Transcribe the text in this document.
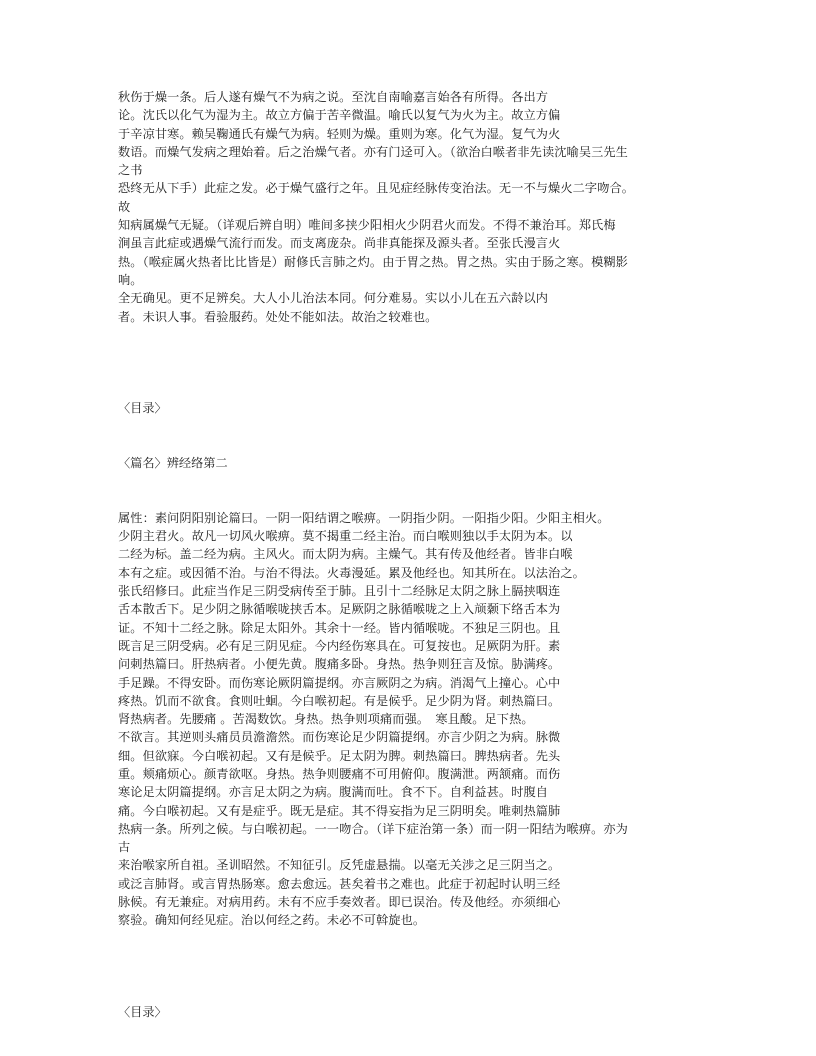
秋伤于燥一条。后人遂有燥气不为病之说。至沈自南喻嘉言始各有所得。各出方
论。沈氏以化气为湿为主。故立方偏于苦辛微温。喻氏以复气为火为主。故立方偏
于辛凉甘寒。赖吴鞠通氏有燥气为病。轻则为燥。重则为寒。化气为湿。复气为火
数语。而燥气发病之理始着。后之治燥气者。亦有门迳可入。（欲治白喉者非先读沈喻吴三先生
之书
恐终无从下手）此症之发。必于燥气盛行之年。且见症经脉传变治法。无一不与燥火二字吻合。
故
知病属燥气无疑。（详观后辨自明）唯间多挟少阳相火少阴君火而发。不得不兼治耳。郑氏梅
涧虽言此症或遇燥气流行而发。而支离庞杂。尚非真能探及源头者。至张氏漫言火
热。（喉症属火热者比比皆是）耐修氏言肺之灼。由于胃之热。胃之热。实由于肠之寒。模糊影
响。
全无确见。更不足辨矣。大人小儿治法本同。何分难易。实以小儿在五六龄以内
者。未识人事。看验服药。处处不能如法。故治之较难也。
〈目录〉
〈篇名〉辨经络第二
属性：素问阴阳别论篇曰。一阴一阳结谓之喉痹。一阴指少阴。一阳指少阳。少阳主相火。
少阴主君火。故凡一切风火喉痹。莫不揭重二经主治。而白喉则独以手太阴为本。以
二经为标。盖二经为病。主风火。而太阴为病。主燥气。其有传及他经者。皆非白喉
本有之症。或因循不治。与治不得法。火毒漫延。累及他经也。知其所在。以法治之。
张氏绍修曰。此症当作足三阴受病传至于肺。且引十二经脉足太阴之脉上膈挟咽连
舌本散舌下。足少阴之脉循喉咙挟舌本。足厥阴之脉循喉咙之上入颃颡下络舌本为
证。不知十二经之脉。除足太阳外。其余十一经。皆内循喉咙。不独足三阴也。且
既言足三阴受病。必有足三阴见症。今内经伤寒具在。可复按也。足厥阴为肝。素
问刺热篇曰。肝热病者。小便先黄。腹痛多卧。身热。热争则狂言及惊。胁满疼。
手足躁。不得安卧。而伤寒论厥阴篇提纲。亦言厥阴之为病。消渴气上撞心。心中
疼热。饥而不欲食。食则吐蛔。今白喉初起。有是候乎。足少阴为肾。刺热篇曰。
肾热病者。先腰痛 。苦渴数饮。身热。热争则项痛而强。　寒且酸。足下热。
不欲言。其逆则头痛员员澹澹然。而伤寒论足少阴篇提纲。亦言少阴之为病。脉微
细。但欲寐。今白喉初起。又有是候乎。足太阴为脾。刺热篇曰。脾热病者。先头
重。颊痛烦心。颜青欲呕。身热。热争则腰痛不可用俯仰。腹满泄。两颔痛。而伤
寒论足太阴篇提纲。亦言足太阴之为病。腹满而吐。食不下。自利益甚。时腹自
痛。今白喉初起。又有是症乎。既无是症。其不得妄指为足三阴明矣。唯刺热篇肺
热病一条。所列之候。与白喉初起。一一吻合。（详下症治第一条）而一阴一阳结为喉痹。亦为
古
来治喉家所自祖。圣训昭然。不知征引。反凭虚悬揣。以毫无关涉之足三阴当之。
或泛言肺肾。或言胃热肠寒。愈去愈远。甚矣着书之难也。此症于初起时认明三经
脉候。有无兼症。对病用药。未有不应手奏效者。即已误治。传及他经。亦须细心
察验。确知何经见症。治以何经之药。未必不可斡旋也。
〈目录〉
